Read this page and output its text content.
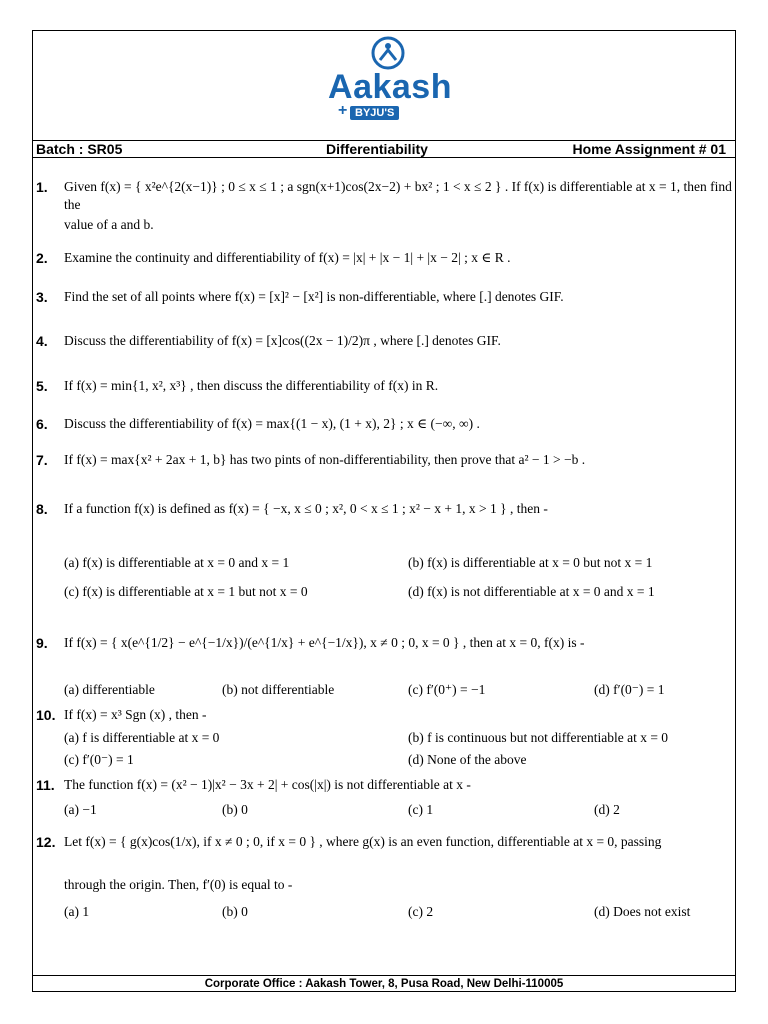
Aakash
+ BYJU'S
Batch : SR05	Differentiability	Home Assignment # 01
1. Given f(x) = { x²e^{2(x−1)} ; 0 ≤ x ≤ 1 ; a sgn(x+1)cos(2x−2) + bx² ; 1 < x ≤ 2 } . If f(x) is differentiable at x = 1, then find the
value of a and b.
2. Examine the continuity and differentiability of f(x) = |x| + |x − 1| + |x − 2| ; x ∈ R .
3. Find the set of all points where f(x) = [x]² − [x²] is non-differentiable, where [.] denotes GIF.
4. Discuss the differentiability of f(x) = [x]cos((2x − 1)/2)π , where [.] denotes GIF.
5. If f(x) = min{1, x², x³} , then discuss the differentiability of f(x) in R.
6. Discuss the differentiability of f(x) = max{(1 − x), (1 + x), 2} ; x ∈ (−∞, ∞) .
7. If f(x) = max{x² + 2ax + 1, b} has two pints of non-differentiability, then prove that a² − 1 > −b .
8. If a function f(x) is defined as f(x) = { −x, x ≤ 0 ; x², 0 < x ≤ 1 ; x² − x + 1, x > 1 } , then -
(a) f(x) is differentiable at x = 0 and x = 1	(b) f(x) is differentiable at x = 0 but not x = 1
(c) f(x) is differentiable at x = 1 but not x = 0	(d) f(x) is not differentiable at x = 0 and x = 1
9. If f(x) = { x(e^{1/2} − e^{−1/x})/(e^{1/x} + e^{−1/x}), x ≠ 0 ; 0, x = 0 } , then at x = 0, f(x) is -
(a) differentiable	(b) not differentiable	(c) f′(0⁺) = −1	(d) f′(0⁻) = 1
10. If f(x) = x³ Sgn (x) , then -
(a) f is differentiable at x = 0	(b) f is continuous but not differentiable at x = 0
(c) f′(0⁻) = 1	(d) None of the above
11. The function f(x) = (x² − 1)|x² − 3x + 2| + cos(|x|) is not differentiable at x -
(a) −1	(b) 0	(c) 1	(d) 2
12. Let f(x) = { g(x)cos(1/x), if x ≠ 0 ; 0, if x = 0 } , where g(x) is an even function, differentiable at x = 0, passing
through the origin. Then, f′(0) is equal to -
(a) 1	(b) 0	(c) 2	(d) Does not exist
Corporate Office : Aakash Tower, 8, Pusa Road, New Delhi-110005
